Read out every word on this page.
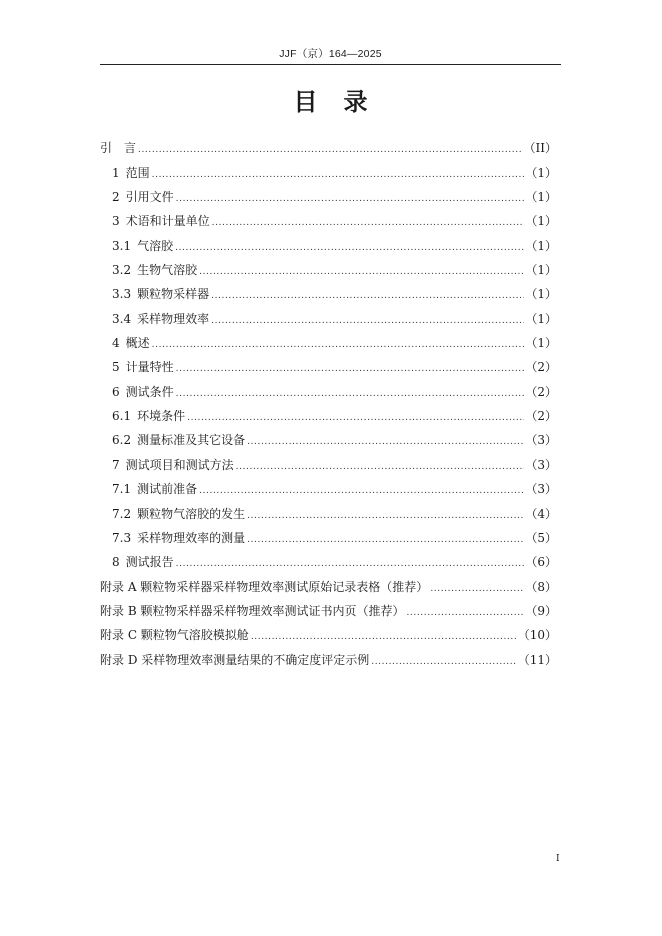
JJF（京）164—2025
目录
引　言 .....	（II）
1 范围 .....	（1）
2 引用文件 .....	（1）
3 术语和计量单位 .....	（1）
3.1 气溶胶 .....	（1）
3.2 生物气溶胶 .....	（1）
3.3 颗粒物采样器 .....	（1）
3.4 采样物理效率 .....	（1）
4 概述 .....	（1）
5 计量特性 .....	（2）
6 测试条件 .....	（2）
6.1 环境条件 .....	（2）
6.2 测量标准及其它设备 .....	（3）
7 测试项目和测试方法 .....	（3）
7.1 测试前准备 .....	（3）
7.2 颗粒物气溶胶的发生 .....	（4）
7.3 采样物理效率的测量 .....	（5）
8 测试报告 .....	（6）
附录 A 颗粒物采样器采样物理效率测试原始记录表格（推荐） .....	（8）
附录 B 颗粒物采样器采样物理效率测试证书内页（推荐） .....	（9）
附录 C 颗粒物气溶胶模拟舱 .....	（10）
附录 D 采样物理效率测量结果的不确定度评定示例 .....	（11）
I
